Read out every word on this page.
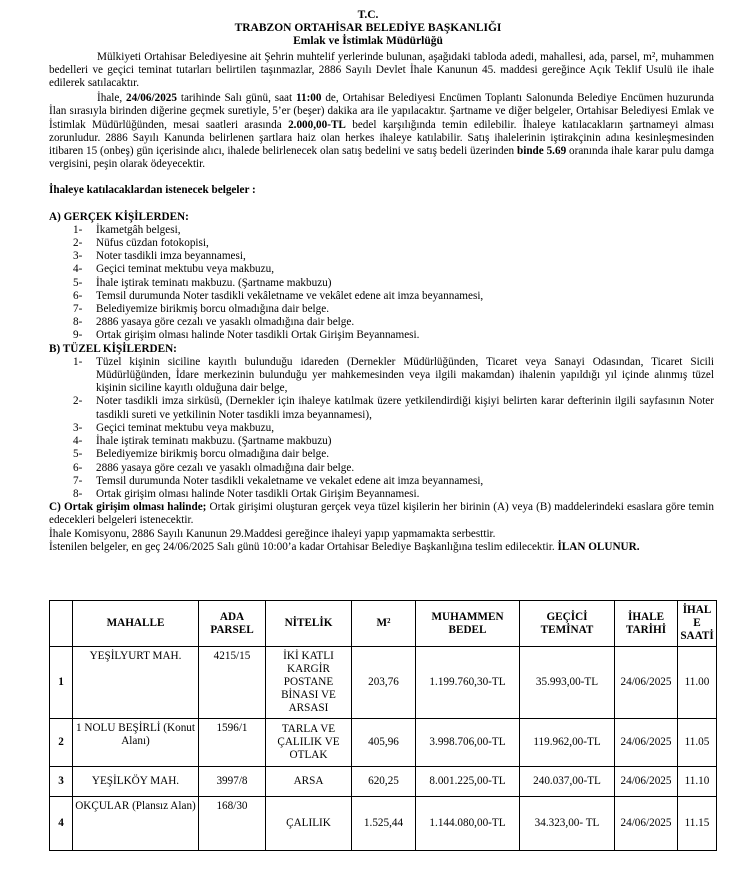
T.C.
TRABZON ORTAHİSAR BELEDİYE BAŞKANLIĞI
Emlak ve İstimlak Müdürlüğü

Mülkiyeti Ortahisar Belediyesine ait Şehrin muhtelif yerlerinde bulunan, aşağıdaki tabloda adedi, mahallesi, ada, parsel, m², muhammen bedelleri ve geçici teminat tutarları belirtilen taşınmazlar, 2886 Sayılı Devlet İhale Kanunun 45. maddesi gereğince Açık Teklif Usulü ile ihale edilerek satılacaktır.

İhale, 24/06/2025 tarihinde Salı günü, saat 11:00 de, Ortahisar Belediyesi Encümen Toplantı Salonunda Belediye Encümen huzurunda İlan sırasıyla birinden diğerine geçmek suretiyle, 5’er (beşer) dakika ara ile yapılacaktır. Şartname ve diğer belgeler, Ortahisar Belediyesi Emlak ve İstimlak Müdürlüğünden, mesai saatleri arasında 2.000,00-TL bedel karşılığında temin edilebilir. İhaleye katılacakların şartnameyi alması zorunludur. 2886 Sayılı Kanunda belirlenen şartlara haiz olan herkes ihaleye katılabilir. Satış ihalelerinin iştirakçinin adına kesinleşmesinden itibaren 15 (onbeş) gün içerisinde alıcı, ihalede belirlenecek olan satış bedelini ve satış bedeli üzerinden binde 5.69 oranında ihale karar pulu damga vergisini, peşin olarak ödeyecektir.

İhaleye katılacaklardan istenecek belgeler :
A) GERÇEK KİŞİLERDEN:
1-	İkametgâh belgesi,
2-	Nüfus cüzdan fotokopisi,
3-	Noter tasdikli imza beyannamesi,
4-	Geçici teminat mektubu veya makbuzu,
5-	İhale iştirak teminatı makbuzu. (Şartname makbuzu)
6-	Temsil durumunda Noter tasdikli vekâletname ve vekâlet edene ait imza beyannamesi,
7-	Belediyemize birikmiş borcu olmadığına dair belge.
8-	2886 yasaya göre cezalı ve yasaklı olmadığına dair belge.
9-	Ortak girişim olması halinde Noter tasdikli Ortak Girişim Beyannamesi.
B) TÜZEL KİŞİLERDEN:
1-	Tüzel kişinin siciline kayıtlı bulunduğu idareden (Dernekler Müdürlüğünden, Ticaret veya Sanayi Odasından, Ticaret Sicili Müdürlüğünden, İdare merkezinin bulunduğu yer mahkemesinden veya ilgili makamdan) ihalenin yapıldığı yıl içinde alınmış tüzel kişinin siciline kayıtlı olduğuna dair belge,
2-	Noter tasdikli imza sirküsü, (Dernekler için ihaleye katılmak üzere yetkilendirdiği kişiyi belirten karar defterinin ilgili sayfasının Noter tasdikli sureti ve yetkilinin Noter tasdikli imza beyannamesi),
3-	Geçici teminat mektubu veya makbuzu,
4-	İhale iştirak teminatı makbuzu. (Şartname makbuzu)
5-	Belediyemize birikmiş borcu olmadığına dair belge.
6-	2886 yasaya göre cezalı ve yasaklı olmadığına dair belge.
7-	Temsil durumunda Noter tasdikli vekaletname ve vekalet edene ait imza beyannamesi,
8-	Ortak girişim olması halinde Noter tasdikli Ortak Girişim Beyannamesi.
C) Ortak girişim olması halinde; Ortak girişimi oluşturan gerçek veya tüzel kişilerin her birinin (A) veya (B) maddelerindeki esaslara göre temin edecekleri belgeleri istenecektir.
İhale Komisyonu, 2886 Sayılı Kanunun 29.Maddesi gereğince ihaleyi yapıp yapmamakta serbesttir.
İstenilen belgeler, en geç 24/06/2025 Salı günü 10:00’a kadar Ortahisar Belediye Başkanlığına teslim edilecektir. İLAN OLUNUR.
	MAHALLE	ADA PARSEL	NİTELİK	M²	MUHAMMEN BEDEL	GEÇİCİ TEMİNAT	İHALE TARİHİ	İHAL E SAATİ
1	YEŞİLYURT MAH.	4215/15	İKİ KATLI KARGİR POSTANE BİNASI VE ARSASI	203,76	1.199.760,30-TL	35.993,00-TL	24/06/2025	11.00
2	1 NOLU BEŞİRLİ (Konut Alanı)	1596/1	TARLA VE ÇALILIK VE OTLAK	405,96	3.998.706,00-TL	119.962,00-TL	24/06/2025	11.05
3	YEŞİLKÖY MAH.	3997/8	ARSA	620,25	8.001.225,00-TL	240.037,00-TL	24/06/2025	11.10
4	OKÇULAR (Plansız Alan)	168/30	ÇALILIK	1.525,44	1.144.080,00-TL	34.323,00- TL	24/06/2025	11.15
